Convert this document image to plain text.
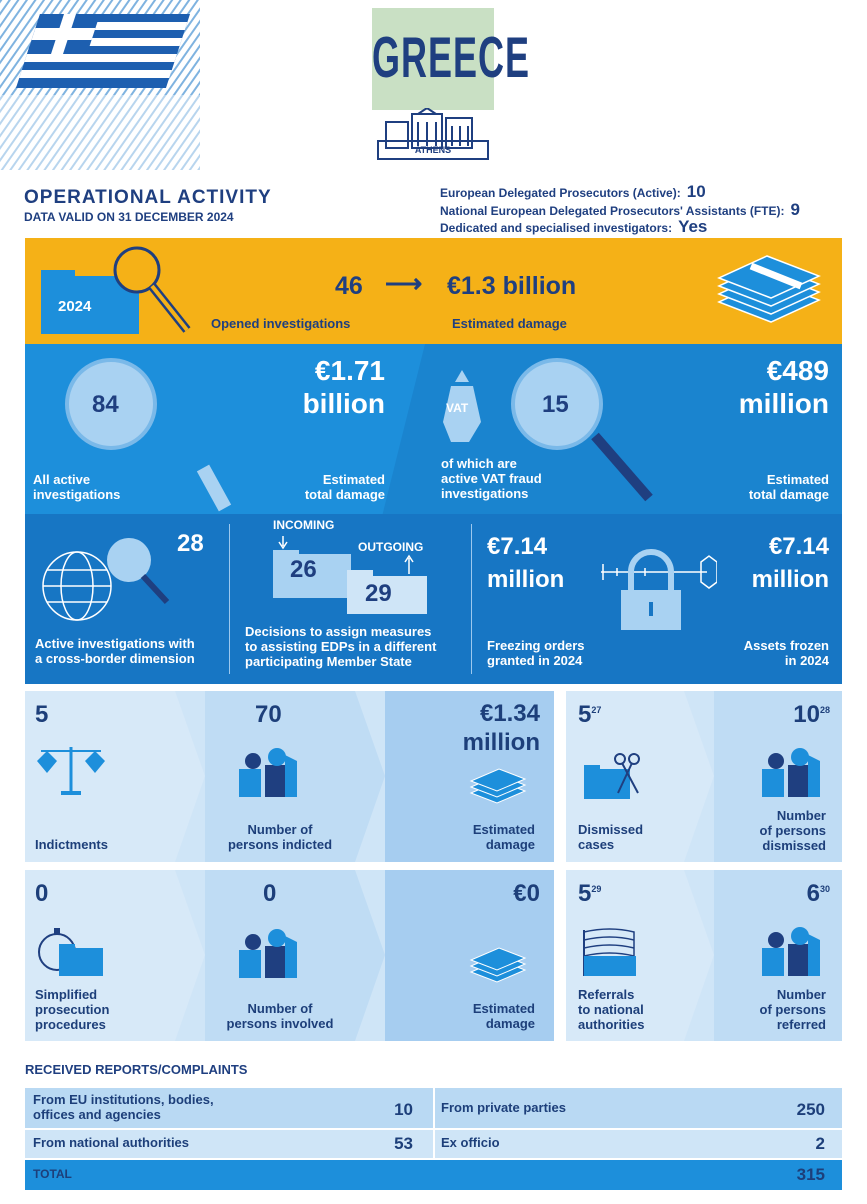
GREECE
ATHENS
OPERATIONAL ACTIVITY
DATA VALID ON 31 DECEMBER 2024
European Delegated Prosecutors (Active): 10
National European Delegated Prosecutors' Assistants (FTE): 9
Dedicated and specialised investigators: Yes
2024
46 ⟶ €1.3 billion
Opened investigations	Estimated damage
84
All active
investigations
€1.71
billion
Estimated
total damage
VAT	15
of which are
active VAT fraud
investigations
€489
million
Estimated
total damage
28
Active investigations with
a cross-border dimension
INCOMING
OUTGOING
26
29
Decisions to assign measures
to assisting EDPs in a different
participating Member State
€7.14
million
€7.14
million
Freezing orders
granted in 2024
Assets frozen
in 2024
5
Indictments
70
Number of
persons indicted
€1.34
million
Estimated
damage
$5^{27}$
Dismissed
cases
$10^{28}$
Number
of persons
dismissed
0
Simplified
prosecution
procedures
0
Number of
persons involved
€0
Estimated
damage
$5^{29}$
Referrals
to national
authorities
$6^{30}$
Number
of persons
referred
RECEIVED REPORTS/COMPLAINTS
From EU institutions, bodies,
offices and agencies	10 From private parties	250
From national authorities	53 Ex officio	2
TOTAL	315
